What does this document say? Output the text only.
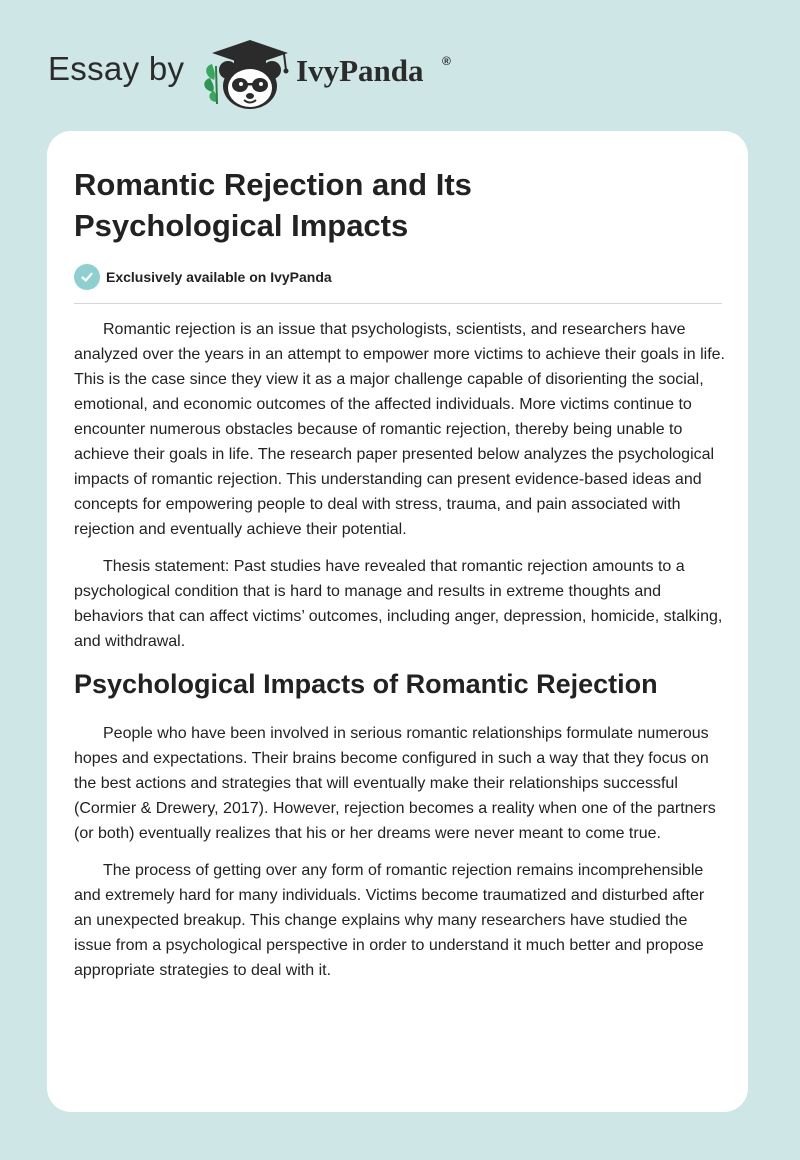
Essay by	IvyPanda ®
Romantic Rejection and Its Psychological Impacts
Exclusively available on IvyPanda

Romantic rejection is an issue that psychologists, scientists, and researchers have analyzed over the years in an attempt to empower more victims to achieve their goals in life. This is the case since they view it as a major challenge capable of disorienting the social, emotional, and economic outcomes of the affected individuals. More victims continue to encounter numerous obstacles because of romantic rejection, thereby being unable to achieve their goals in life. The research paper presented below analyzes the psychological impacts of romantic rejection. This understanding can present evidence-based ideas and concepts for empowering people to deal with stress, trauma, and pain associated with rejection and eventually achieve their potential.

Thesis statement: Past studies have revealed that romantic rejection amounts to a psychological condition that is hard to manage and results in extreme thoughts and behaviors that can affect victims’ outcomes, including anger, depression, homicide, stalking, and withdrawal.

Psychological Impacts of Romantic Rejection

People who have been involved in serious romantic relationships formulate numerous hopes and expectations. Their brains become configured in such a way that they focus on the best actions and strategies that will eventually make their relationships successful (Cormier & Drewery, 2017). However, rejection becomes a reality when one of the partners (or both) eventually realizes that his or her dreams were never meant to come true.

The process of getting over any form of romantic rejection remains incomprehensible and extremely hard for many individuals. Victims become traumatized and disturbed after an unexpected breakup. This change explains why many researchers have studied the issue from a psychological perspective in order to understand it much better and propose appropriate strategies to deal with it.
